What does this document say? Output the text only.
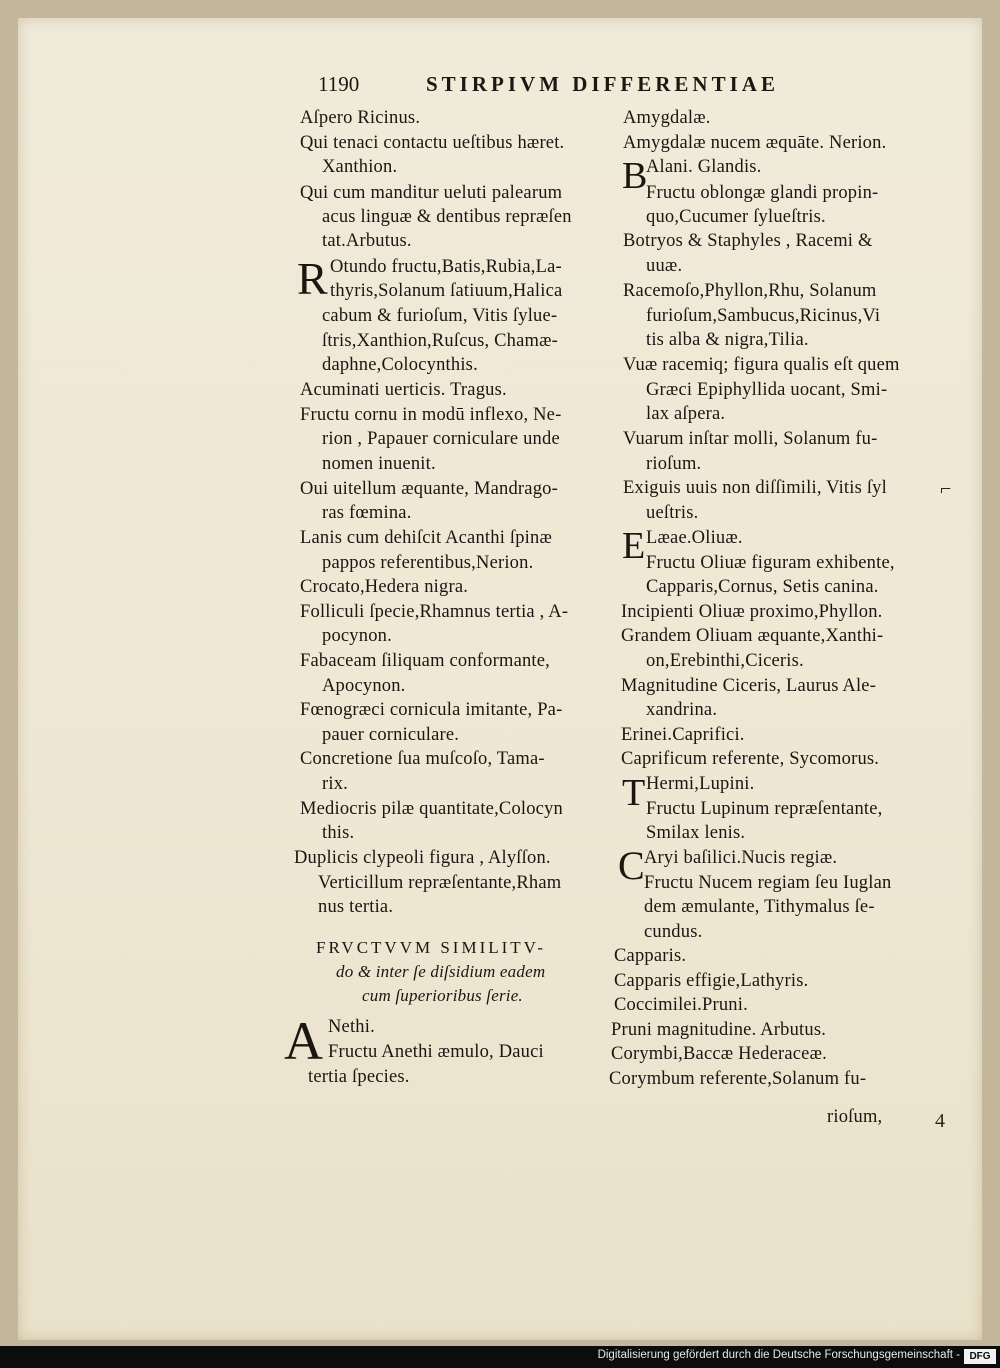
1190	STIRPIVM DIFFERENTIAE
Aſpero Ricinus.
Qui tenaci contactu ueſtibus hæret.
Xanthion.
Qui cum manditur ueluti palearum
acus linguæ & dentibus repræſen
tat.Arbutus.
R Otundo fructu,Batis,Rubia,La-
thyris,Solanum ſatiuum,Halica
cabum & furioſum, Vitis ſylue-
ſtris,Xanthion,Ruſcus, Chamæ-
daphne,Colocynthis.
Acuminati uerticis. Tragus.
Fructu cornu in modū inflexo, Ne-
rion , Papauer corniculare unde
nomen inuenit.
Oui uitellum æquante, Mandrago-
ras fœmina.
Lanis cum dehiſcit Acanthi ſpinæ
pappos referentibus,Nerion.
Crocato,Hedera nigra.
Folliculi ſpecie,Rhamnus tertia , A-
pocynon.
Fabaceam ſiliquam conformante,
Apocynon.
Fœnogræci cornicula imitante, Pa-
pauer corniculare.
Concretione ſua muſcoſo, Tama-
rix.
Mediocris pilæ quantitate,Colocyn
this.
Duplicis clypeoli figura , Alyſſon.
Verticillum repræſentante,Rham
nus tertia.
FRVCTVVM SIMILITV-
do & inter ſe diſsidium eadem
cum ſuperioribus ſerie.
A Nethi.
Fructu Anethi æmulo, Dauci
tertia ſpecies.
Amygdalæ.
Amygdalæ nucem æquāte. Nerion.
B
Alani. Glandis.
Fructu oblongæ glandi propin-
quo,Cucumer ſylueſtris.
Botryos & Staphyles , Racemi &
uuæ.
Racemoſo,Phyllon,Rhu, Solanum
furioſum,Sambucus,Ricinus,Vi
tis alba & nigra,Tilia.
Vuæ racemiq; figura qualis eſt quem
Græci Epiphyllida uocant, Smi-
lax aſpera.
Vuarum inſtar molli, Solanum fu-
rioſum.
Exiguis uuis non diſſimili, Vitis ſyl
ueſtris.
E Læae.Oliuæ.
Fructu Oliuæ figuram exhibente,
Capparis,Cornus, Setis canina.
Incipienti Oliuæ proximo,Phyllon.
Grandem Oliuam æquante,Xanthi-
on,Erebinthi,Ciceris.
Magnitudine Ciceris, Laurus Ale-
xandrina.
Erinei.Caprifici.
Caprificum referente, Sycomorus.
T Hermi,Lupini.
Fructu Lupinum repræſentante,
Smilax lenis.
C Aryi baſilici.Nucis regiæ.
Fructu Nucem regiam ſeu Iuglan
dem æmulante, Tithymalus ſe-
cundus.
Capparis.
Capparis effigie,Lathyris.
Coccimilei.Pruni.
Pruni magnitudine. Arbutus.
Corymbi,Baccæ Hederaceæ.
Corymbum referente,Solanum fu-
rioſum,
⌐
4
Digitalisierung gefördert durch die Deutsche Forschungsgemeinschaft - DFG
